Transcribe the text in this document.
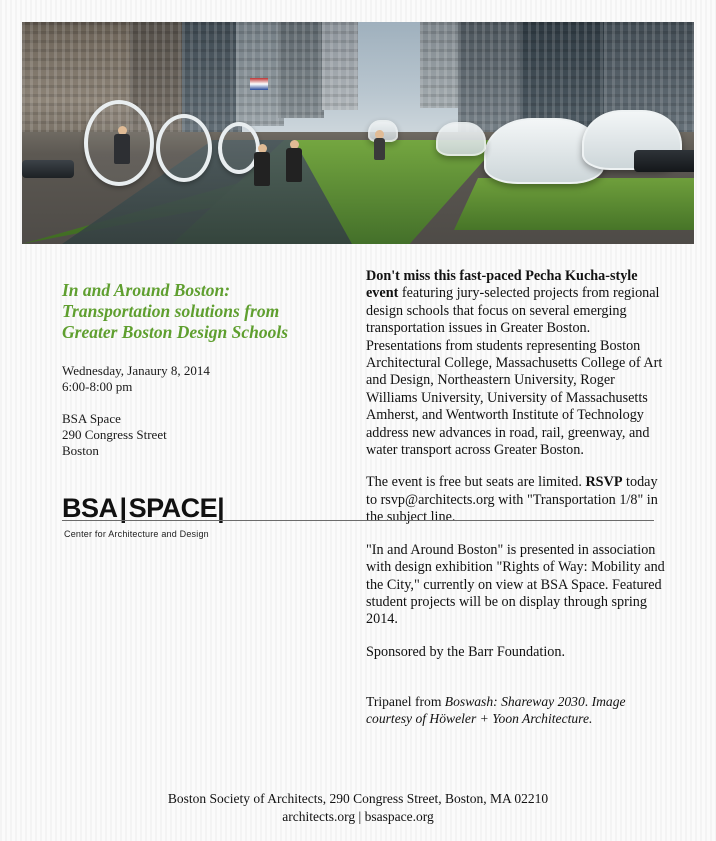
In and Around Boston: Transportation solutions from Greater Boston Design Schools
Wednesday, Janaury 8, 2014
6:00-8:00 pm
BSA Space
290 Congress Street
Boston
BSA|SPACE|
Center for Architecture and Design

Don't miss this fast-paced Pecha Kucha-style event featuring jury-selected projects from regional design schools that focus on several emerging transportation issues in Greater Boston. Presentations from students representing Boston Architectural College, Massachusetts College of Art and Design, Northeastern University, Roger Williams University, University of Massachusetts Amherst, and Wentworth Institute of Technology address new advances in road, rail, greenway, and water transport across Greater Boston.

The event is free but seats are limited. RSVP today to rsvp@architects.org with "Transportation 1/8" in the subject line.

"In and Around Boston" is presented in association with design exhibition "Rights of Way: Mobility and the City," currently on view at BSA Space. Featured student projects will be on display through spring 2014.

Sponsored by the Barr Foundation.

Tripanel from Boswash: Shareway 2030. Image courtesy of Höweler + Yoon Architecture.
Boston Society of Architects, 290 Congress Street, Boston, MA 02210
architects.org | bsaspace.org
